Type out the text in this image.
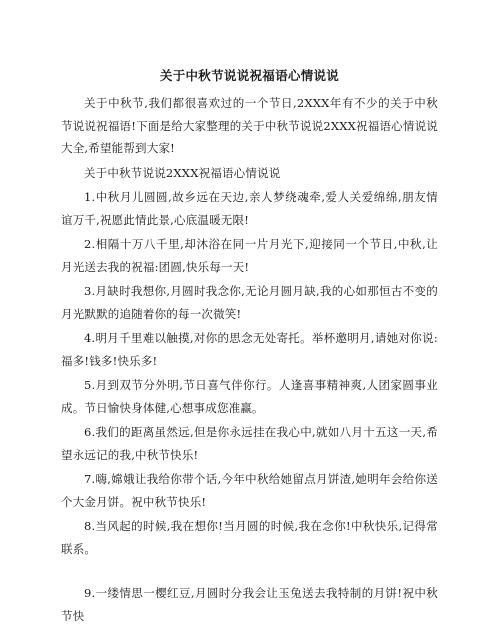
关于中秋节说说祝福语心情说说

关于中秋节,我们都很喜欢过的一个节日,2XXX年有不少的关于中秋节说说祝福语!下面是给大家整理的关于中秋节说说2XXX祝福语心情说说大全,希望能帮到大家!

关于中秋节说说2XXX祝福语心情说说

1.中秋月儿圆圆,故乡远在天边,亲人梦绕魂牵,爱人关爱绵绵,朋友情谊万千,祝愿此情此景,心底温暖无限!

2.相隔十万八千里,却沐浴在同一片月光下,迎接同一个节日,中秋,让月光送去我的祝福:团圆,快乐每一天!

3.月缺时我想你,月圆时我念你,无论月圆月缺,我的心如那恒古不变的月光默默的追随着你的每一次微笑!

4.明月千里难以触摸,对你的思念无处寄托。举杯邀明月,请她对你说:福多!钱多!快乐多!

5.月到双节分外明,节日喜气伴你行。人逢喜事精神爽,人团家圆事业成。节日愉快身体健,心想事成您准赢。

6.我们的距离虽然远,但是你永远挂在我心中,就如八月十五这一天,希望永远记的我,中秋节快乐!

7.嗨,嫦娥让我给你带个话,今年中秋给她留点月饼渣,她明年会给你送个大金月饼。祝中秋节快乐!

8.当风起的时候,我在想你!当月圆的时候,我在念你!中秋快乐,记得常联系。

9.一缕情思一樱红豆,月圆时分我会让玉兔送去我特制的月饼!祝中秋节快
